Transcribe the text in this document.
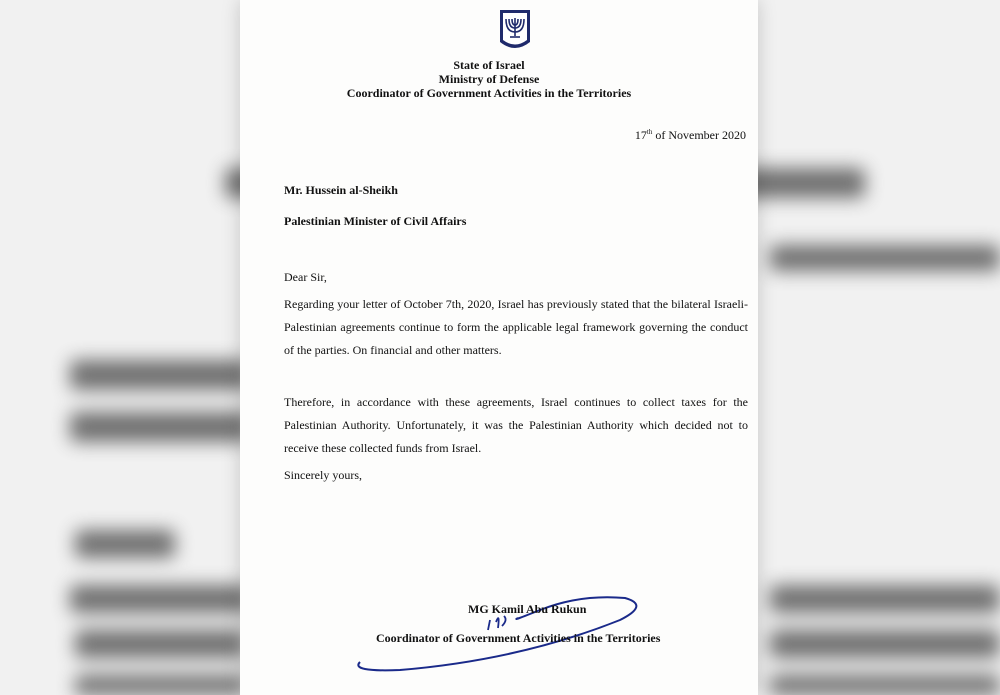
State of Israel
Ministry of Defense
Coordinator of Government Activities in the Territories
17th of November 2020
Mr. Hussein al-Sheikh
Palestinian Minister of Civil Affairs
Dear Sir,
Regarding your letter of October 7th, 2020, Israel has previously stated that the bilateral Israeli-Palestinian agreements continue to form the applicable legal framework governing the conduct of the parties. On financial and other matters.
Therefore, in accordance with these agreements, Israel continues to collect taxes for the Palestinian Authority. Unfortunately, it was the Palestinian Authority which decided not to receive these collected funds from Israel.
Sincerely yours,
MG Kamil Abu Rukun
Coordinator of Government Activities in the Territories
